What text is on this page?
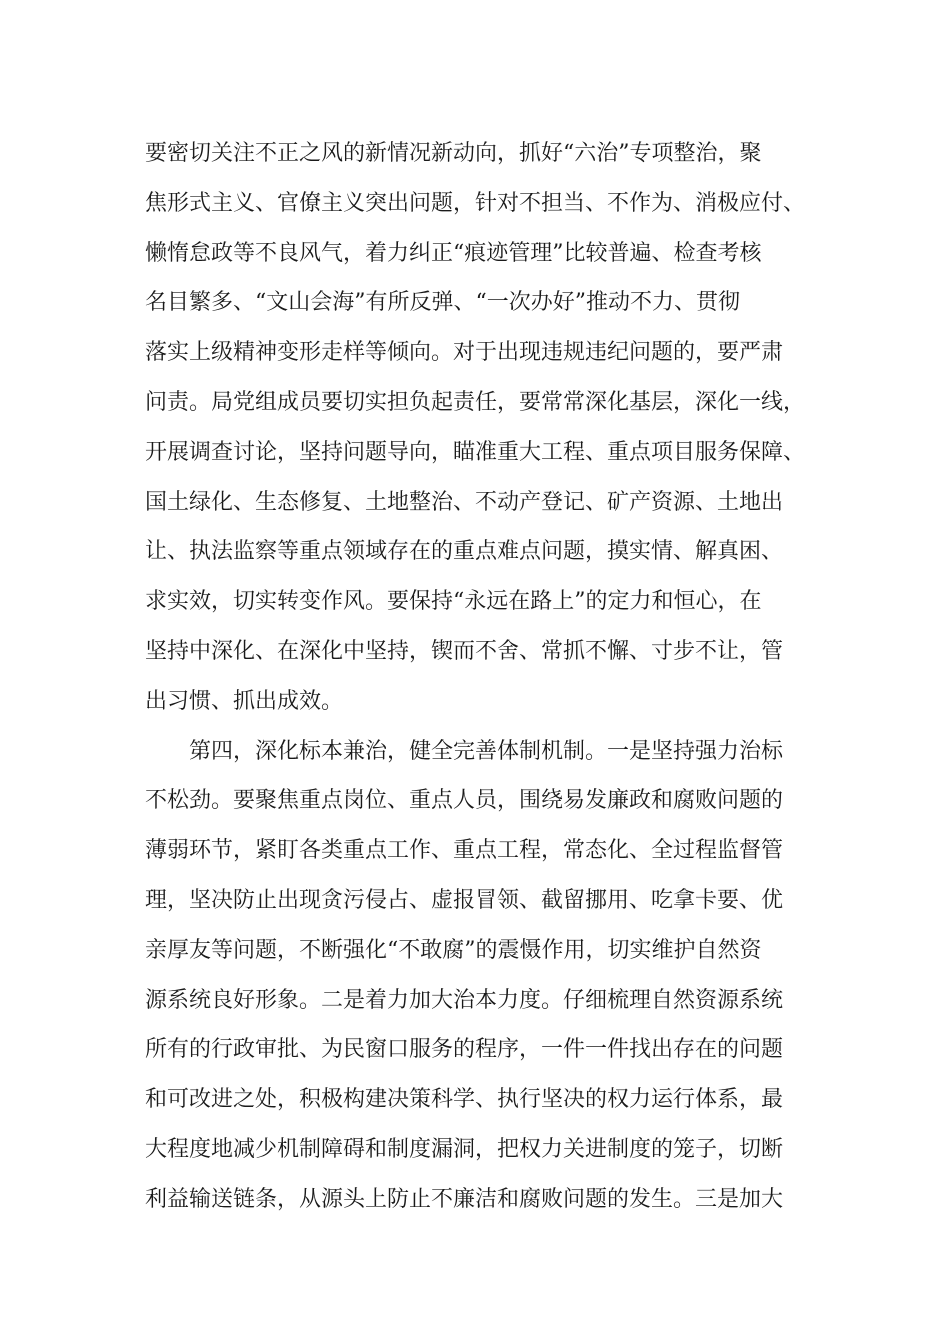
要密切关注不正之风的新情况新动向，抓好“六治”专项整治，聚
焦形式主义、官僚主义突出问题，针对不担当、不作为、消极应付、
懒惰怠政等不良风气，着力纠正“痕迹管理”比较普遍、检查考核
名目繁多、“文山会海”有所反弹、“一次办好”推动不力、贯彻
落实上级精神变形走样等倾向。对于出现违规违纪问题的，要严肃
问责。局党组成员要切实担负起责任，要常常深化基层，深化一线，
开展调查讨论，坚持问题导向，瞄准重大工程、重点项目服务保障、
国土绿化、生态修复、土地整治、不动产登记、矿产资源、土地出
让、执法监察等重点领域存在的重点难点问题，摸实情、解真困、
求实效，切实转变作风。要保持“永远在路上”的定力和恒心，在
坚持中深化、在深化中坚持，锲而不舍、常抓不懈、寸步不让，管
出习惯、抓出成效。
　　第四，深化标本兼治，健全完善体制机制。一是坚持强力治标
不松劲。要聚焦重点岗位、重点人员，围绕易发廉政和腐败问题的
薄弱环节，紧盯各类重点工作、重点工程，常态化、全过程监督管
理，坚决防止出现贪污侵占、虚报冒领、截留挪用、吃拿卡要、优
亲厚友等问题，不断强化“不敢腐”的震慑作用，切实维护自然资
源系统良好形象。二是着力加大治本力度。仔细梳理自然资源系统
所有的行政审批、为民窗口服务的程序，一件一件找出存在的问题
和可改进之处，积极构建决策科学、执行坚决的权力运行体系，最
大程度地减少机制障碍和制度漏洞，把权力关进制度的笼子，切断
利益输送链条，从源头上防止不廉洁和腐败问题的发生。三是加大
